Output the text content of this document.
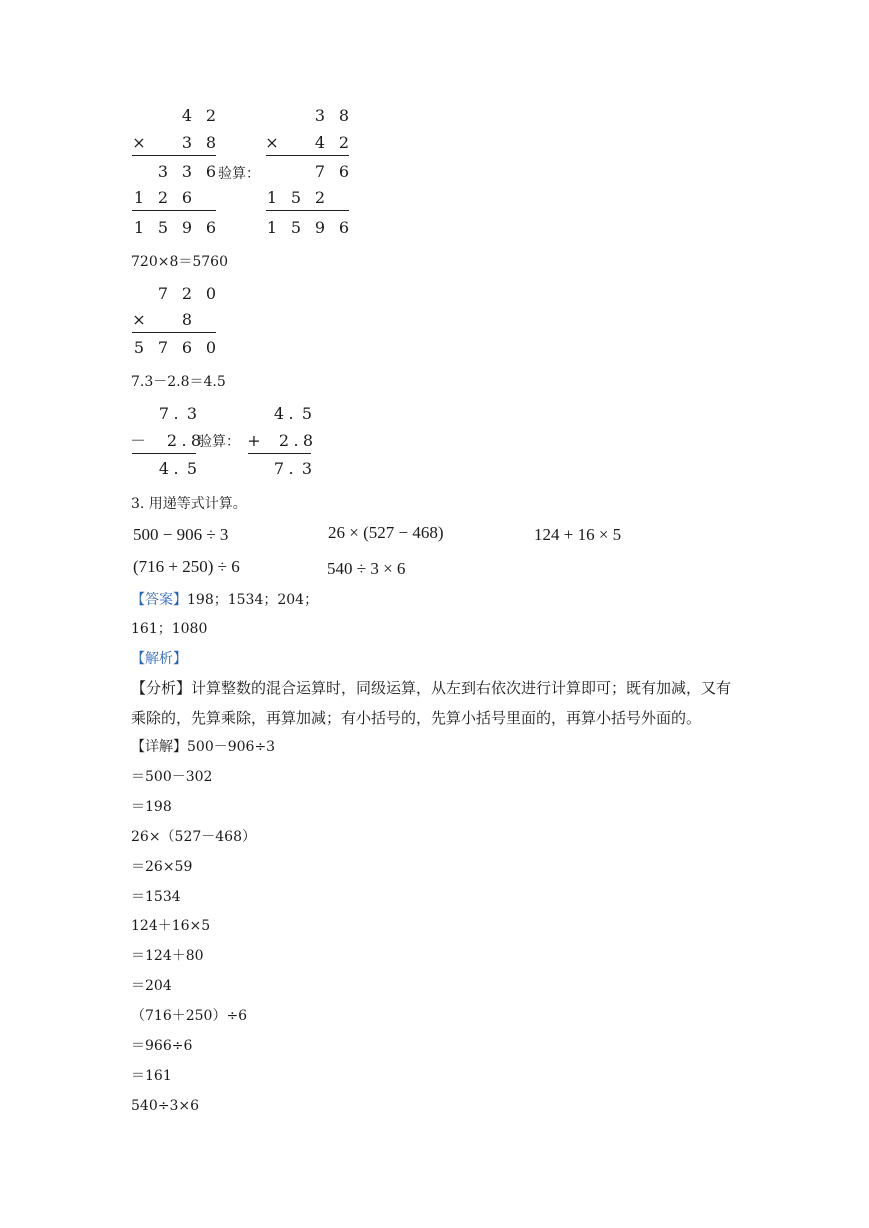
4 2
×	3 8
3 3 6
1 2 6
1 5 9 6
验算：
3 8
×	4 2
7 6
1 5 2
1 5 9 6
720×8＝5760
7 2 0
×	8
5 7 6 0
7.3－2.8＝4.5
7 . 3
－	2 . 8
4 . 5
验算：
4 . 5
+	2 . 8
7 . 3
3. 用递等式计算。
500 − 906 ÷ 3	26 × (527 − 468)	124 + 16 × 5
(716 + 250) ÷ 6	540 ÷ 3 × 6
【答案】198；1534；204；
161；1080
【解析】
【分析】计算整数的混合运算时，同级运算，从左到右依次进行计算即可；既有加减，又有
乘除的，先算乘除，再算加减；有小括号的，先算小括号里面的，再算小括号外面的。
【详解】500－906÷3
＝500－302
＝198
26×（527－468）
＝26×59
＝1534
124＋16×5
＝124＋80
＝204
（716＋250）÷6
＝966÷6
＝161
540÷3×6
